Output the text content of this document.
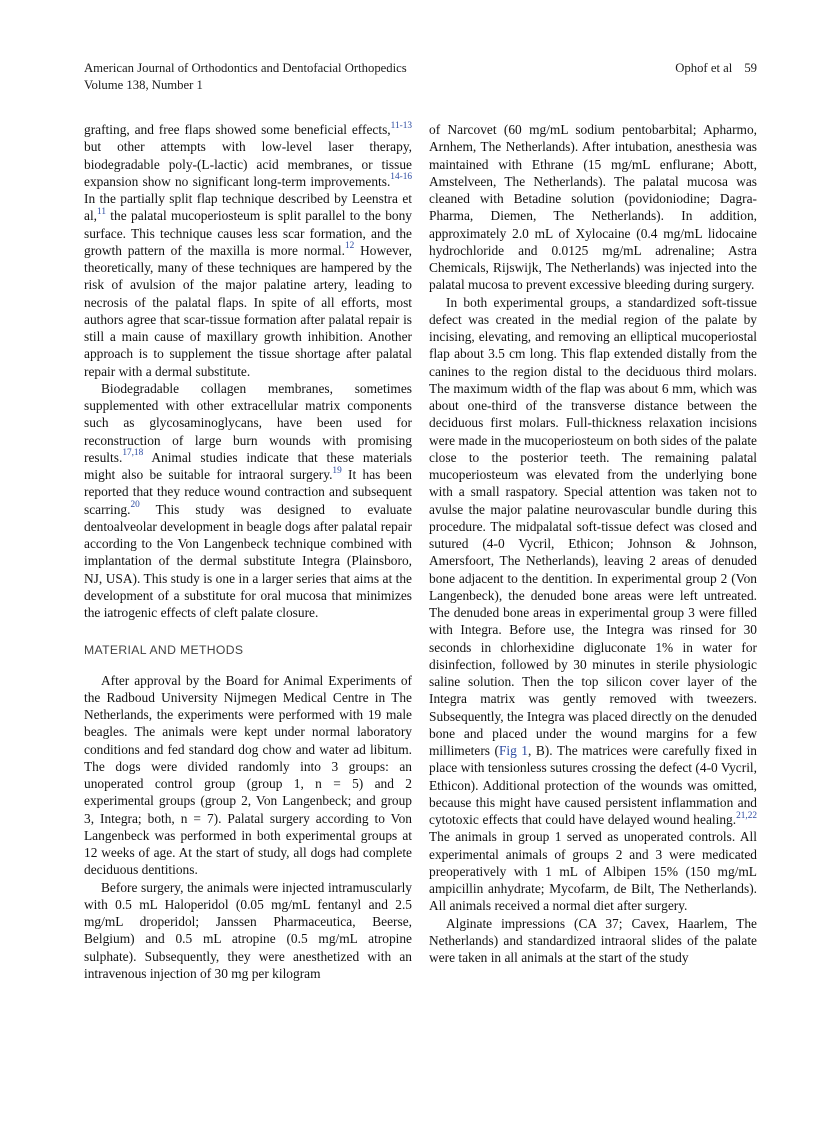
American Journal of Orthodontics and Dentofacial Orthopedics
Volume 138, Number 1
Ophof et al 59

grafting, and free flaps showed some beneficial effects,$^{11-13}$ but other attempts with low-level laser therapy, biodegradable poly-(L-lactic) acid membranes, or tissue expansion show no significant long-term improvements.$^{14-16}$ In the partially split flap technique described by Leenstra et al,$^{11}$ the palatal mucoperiosteum is split parallel to the bony surface. This technique causes less scar formation, and the growth pattern of the maxilla is more normal.$^{12}$ However, theoretically, many of these techniques are hampered by the risk of avulsion of the major palatine artery, leading to necrosis of the palatal flaps. In spite of all efforts, most authors agree that scar-tissue formation after palatal repair is still a main cause of maxillary growth inhibition. Another approach is to supplement the tissue shortage after palatal repair with a dermal substitute.

Biodegradable collagen membranes, sometimes supplemented with other extracellular matrix components such as glycosaminoglycans, have been used for reconstruction of large burn wounds with promising results.$^{17,18}$ Animal studies indicate that these materials might also be suitable for intraoral surgery.$^{19}$ It has been reported that they reduce wound contraction and subsequent scarring.$^{20}$ This study was designed to evaluate dentoalveolar development in beagle dogs after palatal repair according to the Von Langenbeck technique combined with implantation of the dermal substitute Integra (Plainsboro, NJ, USA). This study is one in a larger series that aims at the development of a substitute for oral mucosa that minimizes the iatrogenic effects of cleft palate closure.

MATERIAL AND METHODS

After approval by the Board for Animal Experiments of the Radboud University Nijmegen Medical Centre in The Netherlands, the experiments were performed with 19 male beagles. The animals were kept under normal laboratory conditions and fed standard dog chow and water ad libitum. The dogs were divided randomly into 3 groups: an unoperated control group (group 1, n = 5) and 2 experimental groups (group 2, Von Langenbeck; and group 3, Integra; both, n = 7). Palatal surgery according to Von Langenbeck was performed in both experimental groups at 12 weeks of age. At the start of study, all dogs had complete deciduous dentitions.

Before surgery, the animals were injected intramuscularly with 0.5 mL Haloperidol (0.05 mg/mL fentanyl and 2.5 mg/mL droperidol; Janssen Pharmaceutica, Beerse, Belgium) and 0.5 mL atropine (0.5 mg/mL atropine sulphate). Subsequently, they were anesthetized with an intravenous injection of 30 mg per kilogram

of Narcovet (60 mg/mL sodium pentobarbital; Apharmo, Arnhem, The Netherlands). After intubation, anesthesia was maintained with Ethrane (15 mg/mL enflurane; Abott, Amstelveen, The Netherlands). The palatal mucosa was cleaned with Betadine solution (povidoniodine; Dagra-Pharma, Diemen, The Netherlands). In addition, approximately 2.0 mL of Xylocaine (0.4 mg/mL lidocaine hydrochloride and 0.0125 mg/mL adrenaline; Astra Chemicals, Rijswijk, The Netherlands) was injected into the palatal mucosa to prevent excessive bleeding during surgery.

In both experimental groups, a standardized soft-tissue defect was created in the medial region of the palate by incising, elevating, and removing an elliptical mucoperiostal flap about 3.5 cm long. This flap extended distally from the canines to the region distal to the deciduous third molars. The maximum width of the flap was about 6 mm, which was about one-third of the transverse distance between the deciduous first molars. Full-thickness relaxation incisions were made in the mucoperiosteum on both sides of the palate close to the posterior teeth. The remaining palatal mucoperiosteum was elevated from the underlying bone with a small raspatory. Special attention was taken not to avulse the major palatine neurovascular bundle during this procedure. The midpalatal soft-tissue defect was closed and sutured (4-0 Vycril, Ethicon; Johnson & Johnson, Amersfoort, The Netherlands), leaving 2 areas of denuded bone adjacent to the dentition. In experimental group 2 (Von Langenbeck), the denuded bone areas were left untreated. The denuded bone areas in experimental group 3 were filled with Integra. Before use, the Integra was rinsed for 30 seconds in chlorhexidine digluconate 1% in water for disinfection, followed by 30 minutes in sterile physiologic saline solution. Then the top silicon cover layer of the Integra matrix was gently removed with tweezers. Subsequently, the Integra was placed directly on the denuded bone and placed under the wound margins for a few millimeters (Fig 1, B). The matrices were carefully fixed in place with tensionless sutures crossing the defect (4-0 Vycril, Ethicon). Additional protection of the wounds was omitted, because this might have caused persistent inflammation and cytotoxic effects that could have delayed wound healing.$^{21,22}$ The animals in group 1 served as unoperated controls. All experimental animals of groups 2 and 3 were medicated preoperatively with 1 mL of Albipen 15% (150 mg/mL ampicillin anhydrate; Mycofarm, de Bilt, The Netherlands). All animals received a normal diet after surgery.

Alginate impressions (CA 37; Cavex, Haarlem, The Netherlands) and standardized intraoral slides of the palate were taken in all animals at the start of the study
